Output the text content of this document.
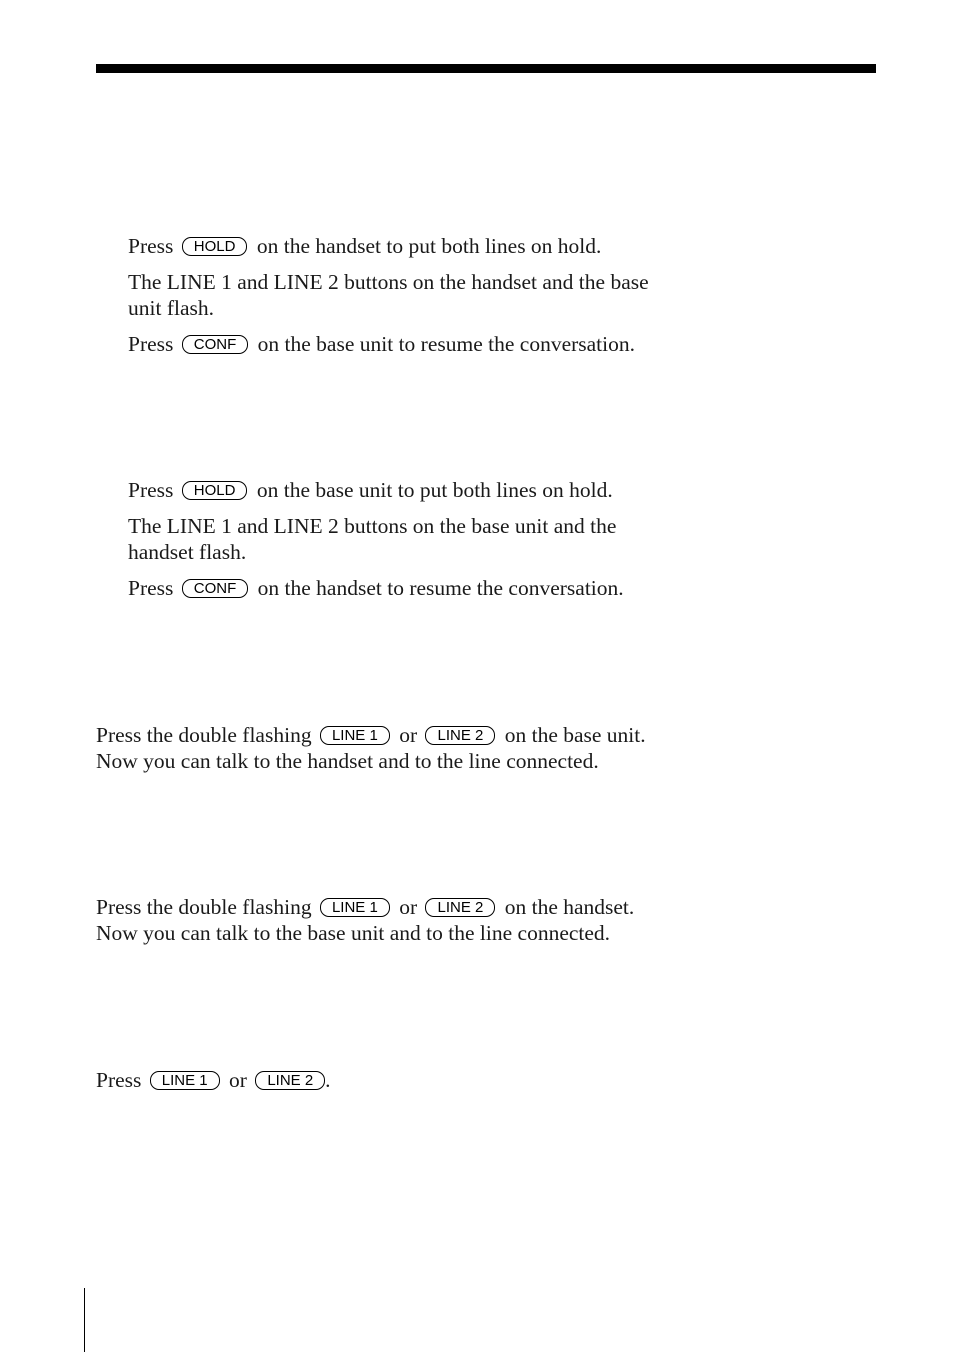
Press HOLD on the handset to put both lines on hold.
The LINE 1 and LINE 2 buttons on the handset and the base
unit flash.
Press CONF on the base unit to resume the conversation.
Press HOLD on the base unit to put both lines on hold.
The LINE 1 and LINE 2 buttons on the base unit and the
handset flash.
Press CONF on the handset to resume the conversation.
Press the double flashing LINE 1 or LINE 2 on the base unit.
Now you can talk to the handset and to the line connected.
Press the double flashing LINE 1 or LINE 2 on the handset.
Now you can talk to the base unit and to the line connected.
Press LINE 1 or LINE 2 .
